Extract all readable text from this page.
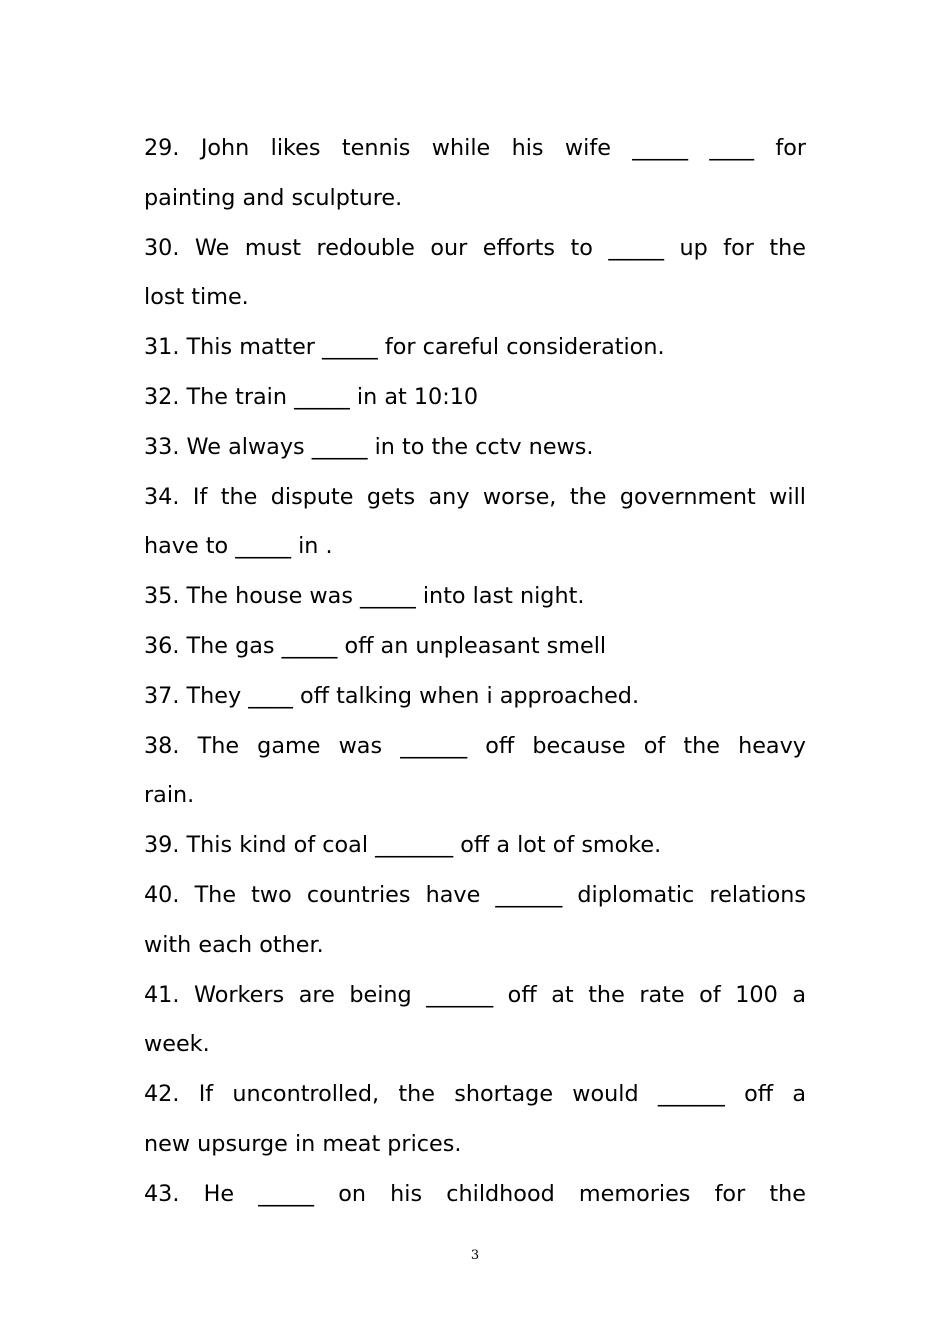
29. John likes tennis while his wife _____ ____ for
painting and sculpture.
30. We must redouble our efforts to _____ up for the
lost time.
31. This matter _____ for careful consideration.
32. The train _____ in at 10:10
33. We always _____ in to the cctv news.
34. If the dispute gets any worse, the government will
have to _____ in .
35. The house was _____ into last night.
36. The gas _____ off an unpleasant smell
37. They ____ off talking when i approached.
38. The game was ______ off because of the heavy
rain.
39. This kind of coal _______ off a lot of smoke.
40. The two countries have ______ diplomatic relations
with each other.
41. Workers are being ______ off at the rate of 100 a
week.
42. If uncontrolled, the shortage would ______ off a
new upsurge in meat prices.
43. He _____ on his childhood memories for the
3
